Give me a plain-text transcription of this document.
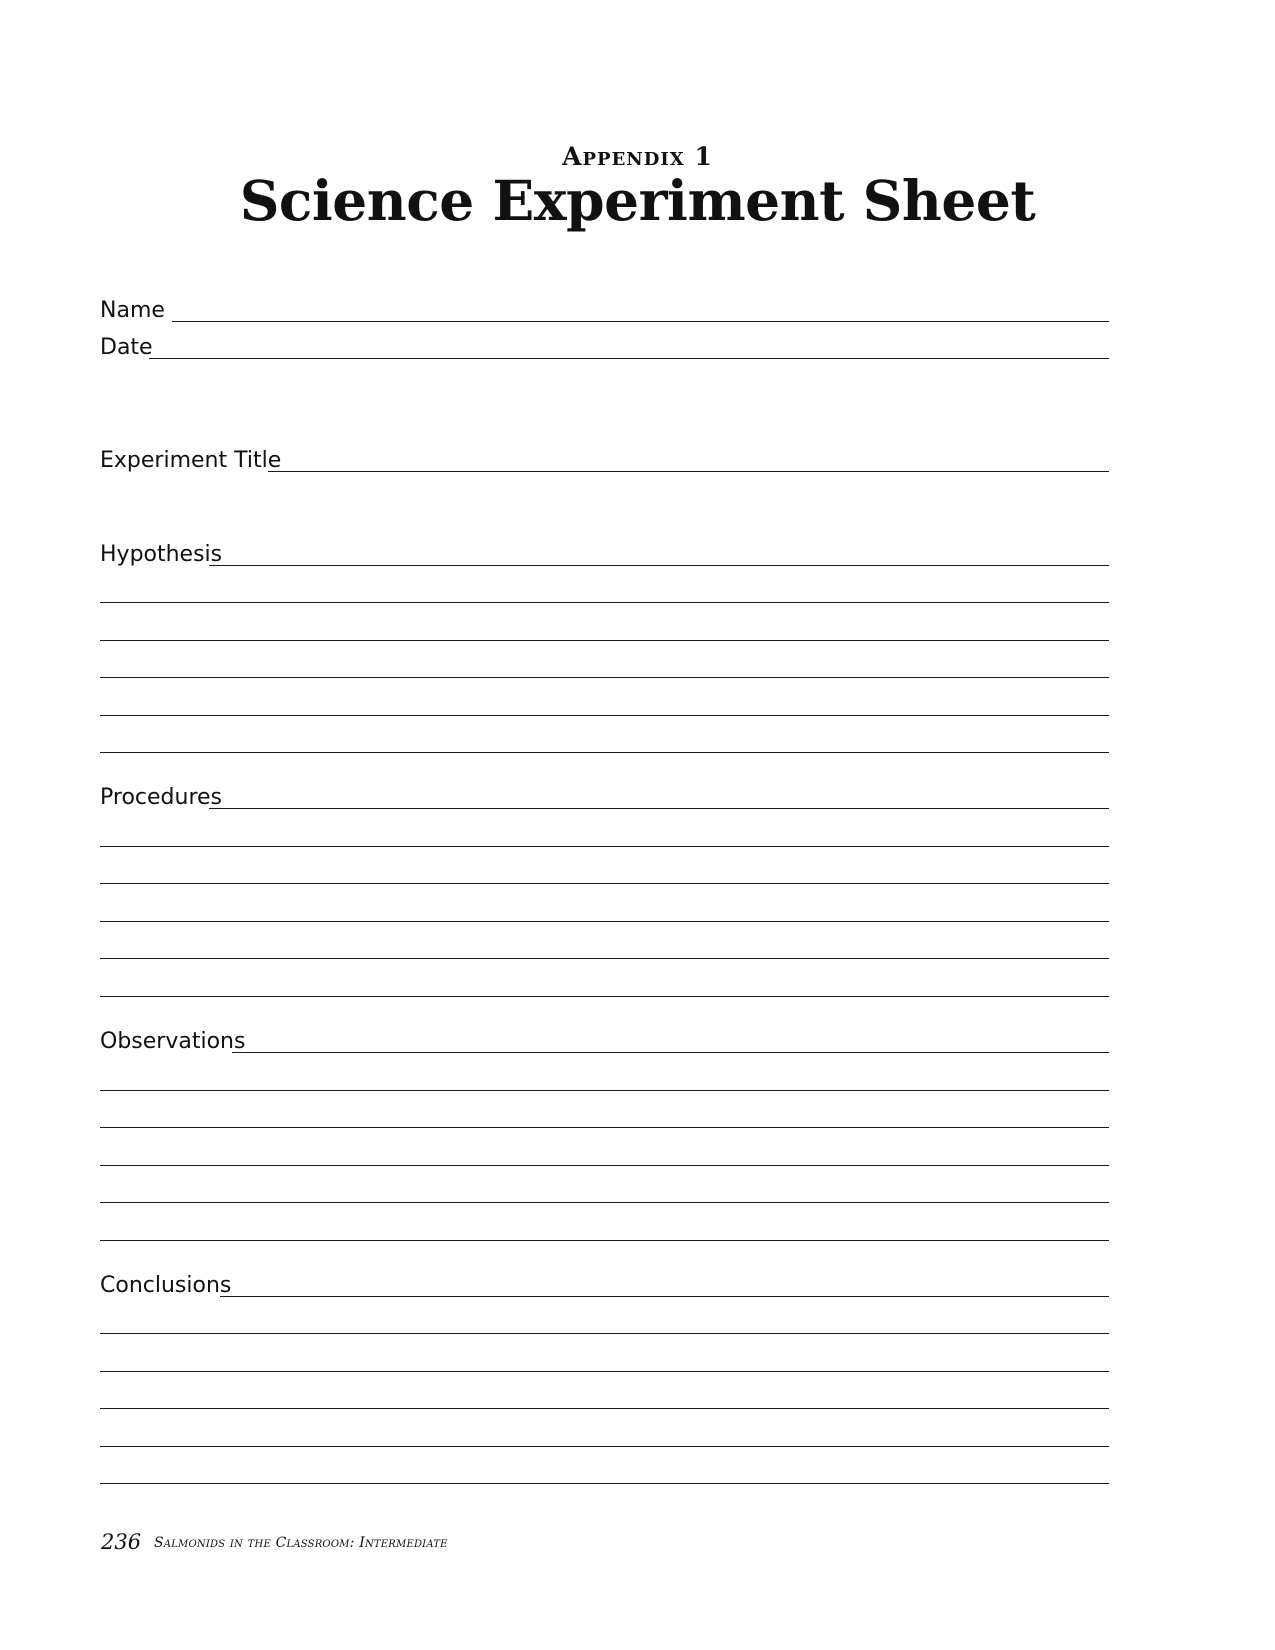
Appendix 1
Science Experiment Sheet
Name
Date
Experiment Title
Hypothesis
Procedures
Observations
Conclusions
236 Salmonids in the Classroom: Intermediate
